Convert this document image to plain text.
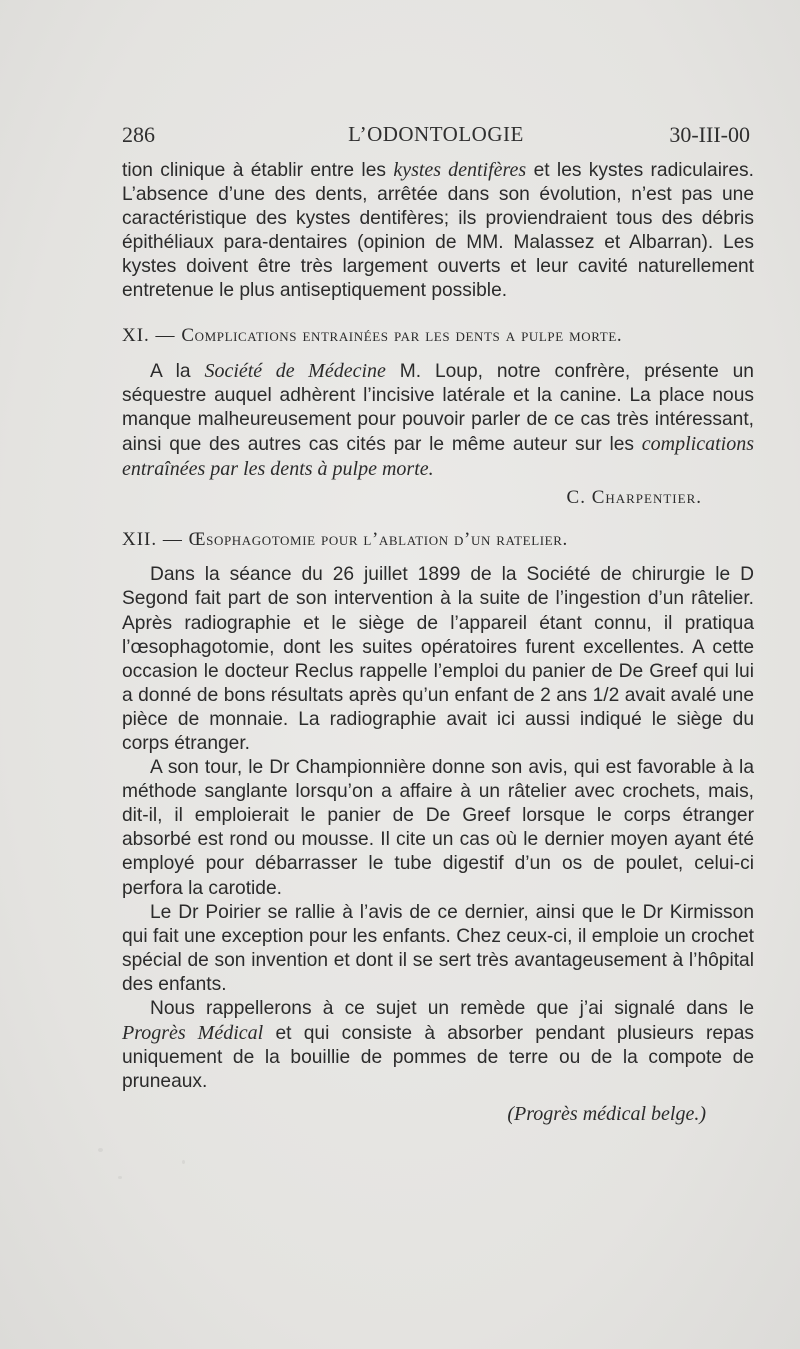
286	L’ODONTOLOGIE	30-III-00

tion clinique à établir entre les kystes dentifères et les kystes radiculaires. L’absence d’une des dents, arrêtée dans son évolution, n’est pas une caractéristique des kystes dentifères; ils proviendraient tous des débris épithéliaux para-dentaires (opinion de MM. Malassez et Albarran). Les kystes doivent être très largement ouverts et leur cavité naturellement entretenue le plus antiseptiquement possible.

XI. — Complications entrainées par les dents a pulpe morte.

A la Société de Médecine M. Loup, notre confrère, présente un séquestre auquel adhèrent l’incisive latérale et la canine. La place nous manque malheureusement pour pouvoir parler de ce cas très intéressant, ainsi que des autres cas cités par le même auteur sur les complications entraînées par les dents à pulpe morte.

C. Charpentier.

XII. — Œsophagotomie pour l’ablation d’un ratelier.

Dans la séance du 26 juillet 1899 de la Société de chirurgie le D Segond fait part de son intervention à la suite de l’ingestion d’un râtelier. Après radiographie et le siège de l’appareil étant connu, il pratiqua l’œsophagotomie, dont les suites opératoires furent excellentes. A cette occasion le docteur Reclus rappelle l’emploi du panier de De Greef qui lui a donné de bons résultats après qu’un enfant de 2 ans 1/2 avait avalé une pièce de monnaie. La radiographie avait ici aussi indiqué le siège du corps étranger.

A son tour, le Dr Championnière donne son avis, qui est favorable à la méthode sanglante lorsqu’on a affaire à un râtelier avec crochets, mais, dit-il, il emploierait le panier de De Greef lorsque le corps étranger absorbé est rond ou mousse. Il cite un cas où le dernier moyen ayant été employé pour débarrasser le tube digestif d’un os de poulet, celui-ci perfora la carotide.

Le Dr Poirier se rallie à l’avis de ce dernier, ainsi que le Dr Kirmisson qui fait une exception pour les enfants. Chez ceux-ci, il emploie un crochet spécial de son invention et dont il se sert très avantageusement à l’hôpital des enfants.

Nous rappellerons à ce sujet un remède que j’ai signalé dans le Progrès Médical et qui consiste à absorber pendant plusieurs repas uniquement de la bouillie de pommes de terre ou de la compote de pruneaux.

(Progrès médical belge.)
